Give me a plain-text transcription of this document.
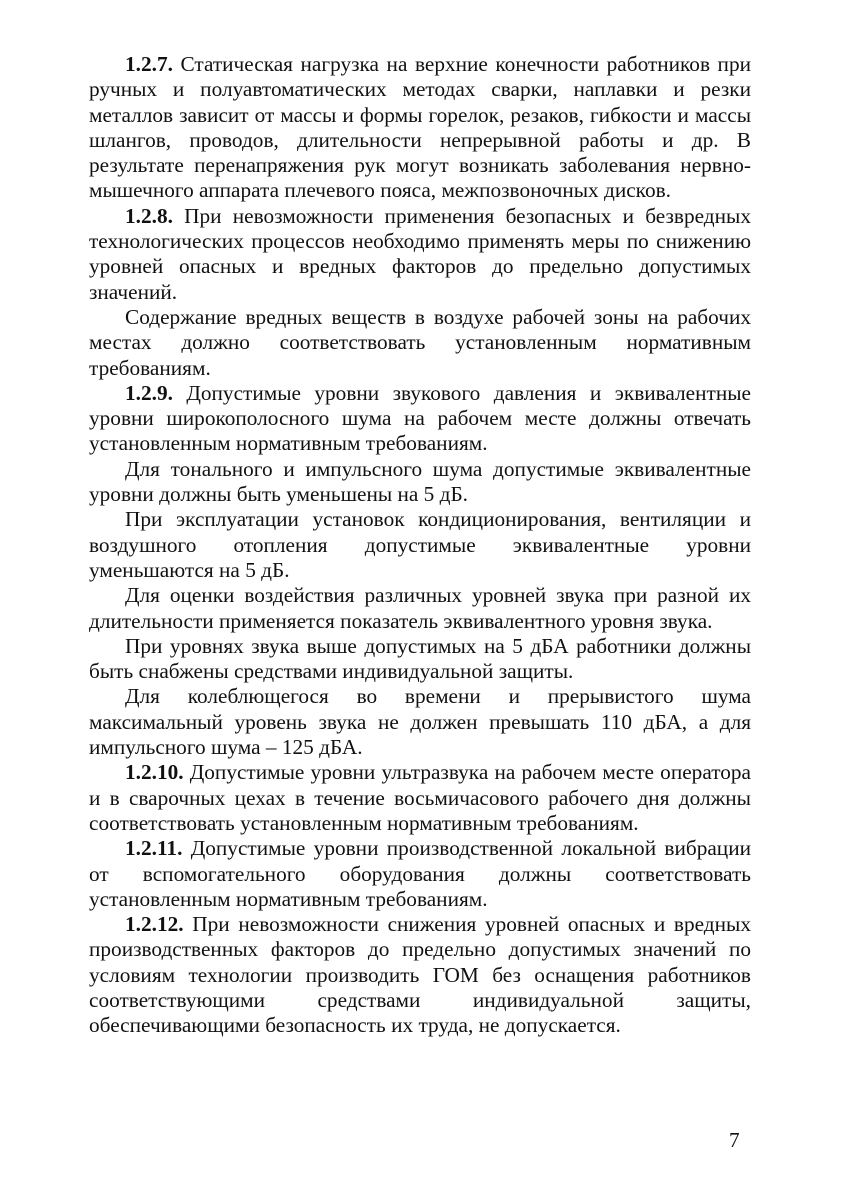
1.2.7. Статическая нагрузка на верхние конечности работников при ручных и полуавтоматических методах сварки, наплавки и резки металлов зависит от массы и формы горелок, резаков, гибкости и массы шлангов, проводов, длительности непрерывной работы и др. В результате перенапряжения рук могут возникать заболевания нервно-мышечного аппарата плечевого пояса, межпозвоночных дисков.

1.2.8. При невозможности применения безопасных и безвредных технологических процессов необходимо применять меры по снижению уровней опасных и вредных факторов до предельно допустимых значений.

Содержание вредных веществ в воздухе рабочей зоны на рабочих местах должно соответствовать установленным нормативным требованиям.

1.2.9. Допустимые уровни звукового давления и эквивалентные уровни широкополосного шума на рабочем месте должны отвечать установленным нормативным требованиям.

Для тонального и импульсного шума допустимые эквивалентные уровни должны быть уменьшены на 5 дБ.

При эксплуатации установок кондиционирования, вентиляции и воздушного отопления допустимые эквивалентные уровни уменьшаются на 5 дБ.

Для оценки воздействия различных уровней звука при разной их длительности применяется показатель эквивалентного уровня звука.

При уровнях звука выше допустимых на 5 дБА работники должны быть снабжены средствами индивидуальной защиты.

Для колеблющегося во времени и прерывистого шума максимальный уровень звука не должен превышать 110 дБА, а для импульсного шума – 125 дБА.

1.2.10. Допустимые уровни ультразвука на рабочем месте оператора и в сварочных цехах в течение восьмичасового рабочего дня должны соответствовать установленным нормативным требованиям.

1.2.11. Допустимые уровни производственной локальной вибрации от вспомогательного оборудования должны соответствовать установленным нормативным требованиям.

1.2.12. При невозможности снижения уровней опасных и вредных производственных факторов до предельно допустимых значений по условиям технологии производить ГОМ без оснащения работников соответствующими средствами индивидуальной защиты, обеспечивающими безопасность их труда, не допускается.

7
